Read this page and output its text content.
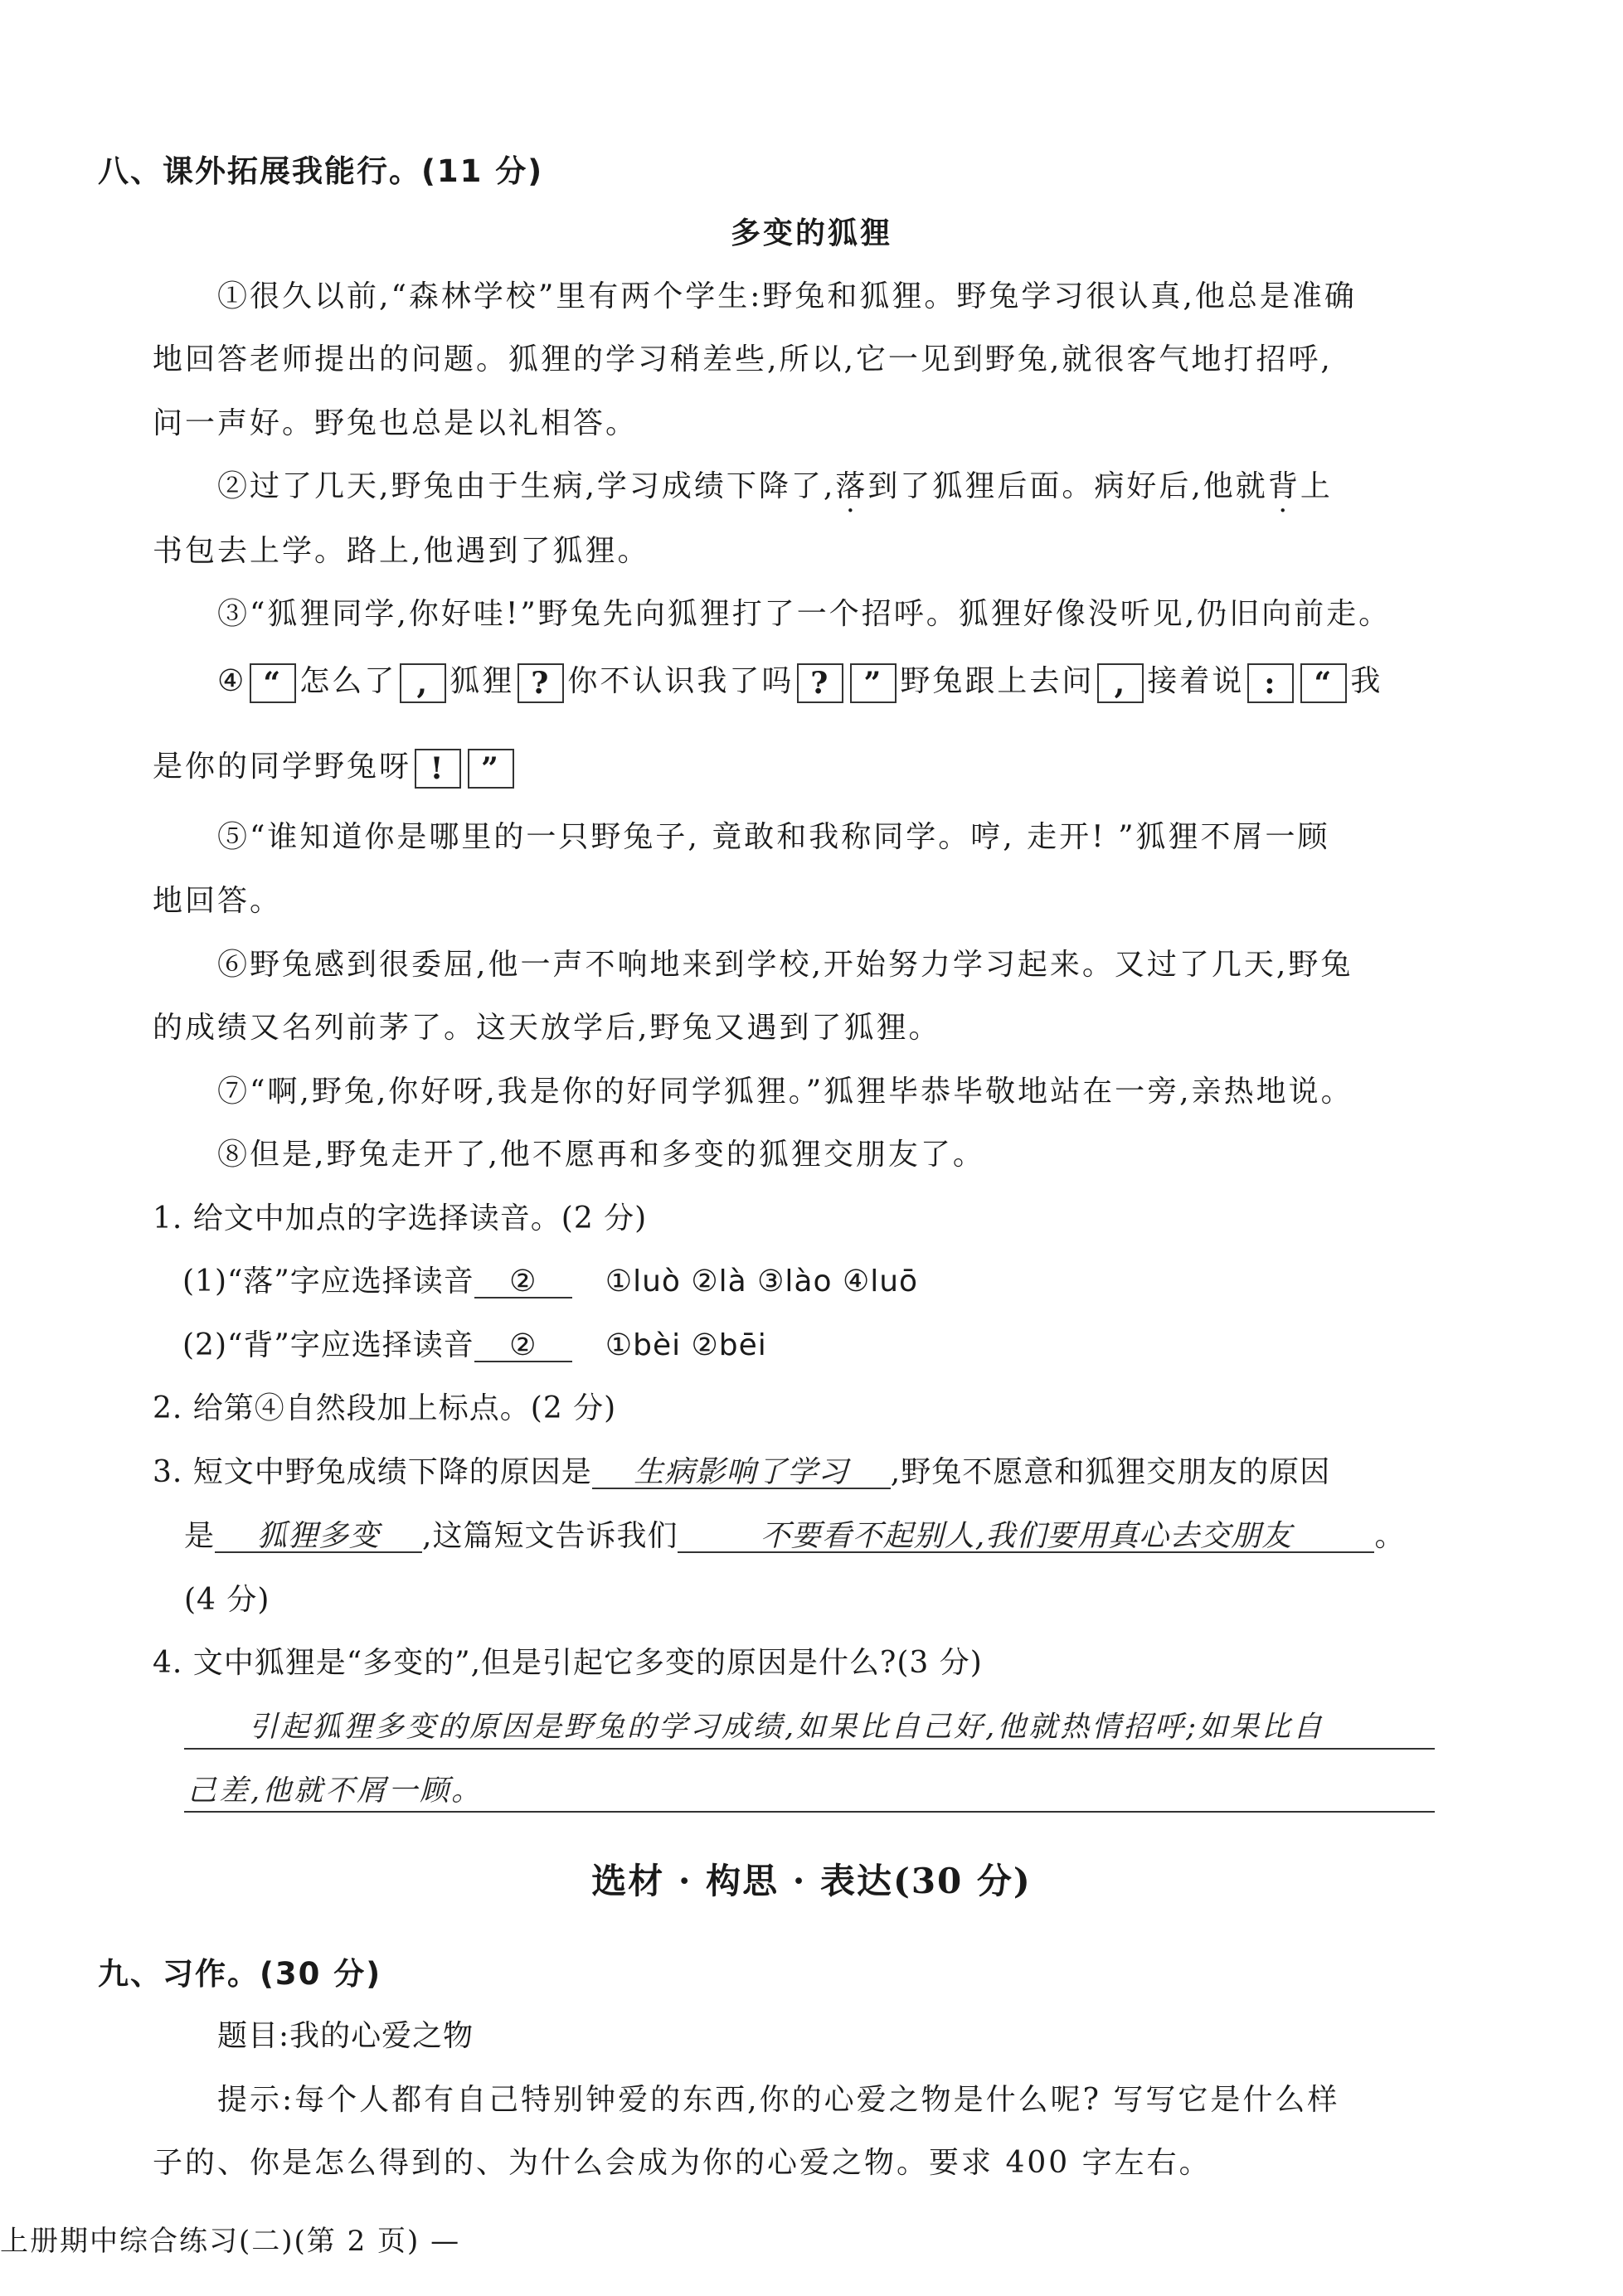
八、课外拓展我能行。(11 分)
多变的狐狸
①很久以前,“森林学校”里有两个学生:野兔和狐狸。野兔学习很认真,他总是准确
地回答老师提出的问题。狐狸的学习稍差些,所以,它一见到野兔,就很客气地打招呼,
问一声好。野兔也总是以礼相答。
②过了几天,野兔由于生病,学习成绩下降了,落到了狐狸后面。病好后,他就背上
书包去上学。路上,他遇到了狐狸。
③“狐狸同学,你好哇!”野兔先向狐狸打了一个招呼。狐狸好像没听见,仍旧向前走。
④ “ 怎么了 , 狐狸 ? 你不认识我了吗 ? ” 野兔跟上去问 , 接着说 : “ 我
是你的同学野兔呀 ! ”
⑤“谁知道你是哪里的一只野兔子, 竟敢和我称同学。哼, 走开! ”狐狸不屑一顾
地回答。
⑥野兔感到很委屈,他一声不响地来到学校,开始努力学习起来。又过了几天,野兔
的成绩又名列前茅了。这天放学后,野兔又遇到了狐狸。
⑦“啊,野兔,你好呀,我是你的好同学狐狸。”狐狸毕恭毕敬地站在一旁,亲热地说。
⑧但是,野兔走开了,他不愿再和多变的狐狸交朋友了。
1. 给文中加点的字选择读音。(2 分)
(1)“落”字应选择读音 ② ①luò ②là ③lào ④luō
(2)“背”字应选择读音 ② ①bèi ②bēi
2. 给第④自然段加上标点。(2 分)
3. 短文中野兔成绩下降的原因是 生病影响了学习 ,野兔不愿意和狐狸交朋友的原因
是 狐狸多变 ,这篇短文告诉我们	不要看不起别人,我们要用真心去交朋友	。
(4 分)
4. 文中狐狸是“多变的”,但是引起它多变的原因是什么?(3 分)
引起狐狸多变的原因是野兔的学习成绩,如果比自己好,他就热情招呼;如果比自
己差,他就不屑一顾。
选材 · 构思 · 表达(30 分)
九、习作。(30 分)
题目:我的心爱之物
提示:每个人都有自己特别钟爱的东西,你的心爱之物是什么呢? 写写它是什么样
子的、你是怎么得到的、为什么会成为你的心爱之物。要求 400 字左右。
上册期中综合练习(二)(第 2 页) —
